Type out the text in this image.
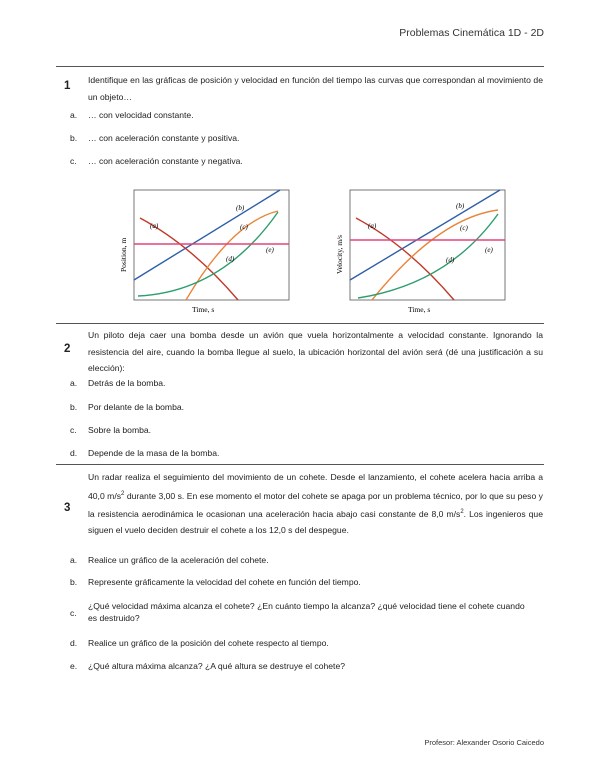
Problemas Cinemática 1D - 2D
1 Identifique en las gráficas de posición y velocidad en función del tiempo las curvas que correspondan al movimiento de un objeto…
a. … con velocidad constante.
b. … con aceleración constante y positiva.
c. … con aceleración constante y negativa.
(a)
(b)
(c)
(d)
(e)
Time, s
Position, m
(a)
(b)
(c)
(d)
(e)
Time, s
Velocity, m/s
2
Un piloto deja caer una bomba desde un avión que vuela horizontalmente a velocidad constante. Ignorando la resistencia del aire, cuando la bomba llegue al suelo, la ubicación horizontal del avión será (dé una justificación a su elección):
a. Detrás de la bomba.
b. Por delante de la bomba.
c. Sobre la bomba.
d. Depende de la masa de la bomba.
3
Un radar realiza el seguimiento del movimiento de un cohete. Desde el lanzamiento, el cohete acelera hacia arriba a 40,0 $m/s^2$ durante 3,00 s. En ese momento el motor del cohete se apaga por un problema técnico, por lo que su peso y la resistencia aerodinámica le ocasionan una aceleración hacia abajo casi constante de 8,0 $m/s^2$. Los ingenieros que siguen el vuelo deciden destruir el cohete a los 12,0 s del despegue.
a. Realice un gráfico de la aceleración del cohete.
b. Represente gráficamente la velocidad del cohete en función del tiempo.
c.
¿Qué velocidad máxima alcanza el cohete? ¿En cuánto tiempo la alcanza? ¿qué velocidad tiene el cohete cuando es destruido?
d. Realice un gráfico de la posición del cohete respecto al tiempo.
e. ¿Qué altura máxima alcanza? ¿A qué altura se destruye el cohete?
Profesor: Alexander Osorio Caicedo
